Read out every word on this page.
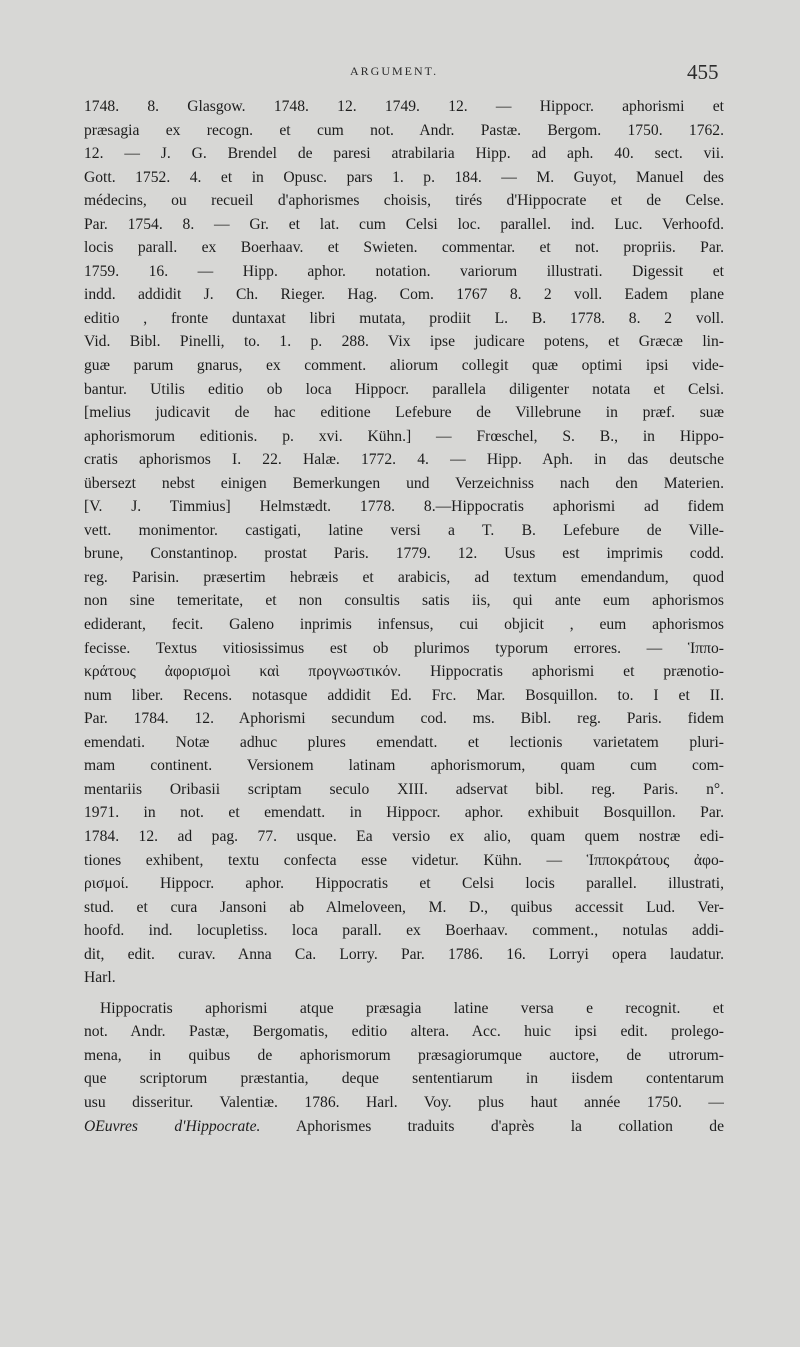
ARGUMENT.	455
1748. 8. Glasgow. 1748. 12. 1749. 12. — Hippocr. aphorismi et
præsagia ex recogn. et cum not. Andr. Pastæ. Bergom. 1750. 1762.
12. — J. G. Brendel de paresi atrabilaria Hipp. ad aph. 40. sect. vii.
Gott. 1752. 4. et in Opusc. pars 1. p. 184. — M. Guyot, Manuel des
médecins, ou recueil d'aphorismes choisis, tirés d'Hippocrate et de Celse.
Par. 1754. 8. — Gr. et lat. cum Celsi loc. parallel. ind. Luc. Verhoofd.
locis parall. ex Boerhaav. et Swieten. commentar. et not. propriis. Par.
1759. 16. — Hipp. aphor. notation. variorum illustrati. Digessit et
indd. addidit J. Ch. Rieger. Hag. Com. 1767 8. 2 voll. Eadem plane
editio , fronte duntaxat libri mutata, prodiit L. B. 1778. 8. 2 voll.
Vid. Bibl. Pinelli, to. 1. p. 288. Vix ipse judicare potens, et Græcæ lin-
guæ parum gnarus, ex comment. aliorum collegit quæ optimi ipsi vide-
bantur. Utilis editio ob loca Hippocr. parallela diligenter notata et Celsi.
[melius judicavit de hac editione Lefebure de Villebrune in præf. suæ
aphorismorum editionis. p. xvi. Kühn.] — Frœschel, S. B., in Hippo-
cratis aphorismos I. 22. Halæ. 1772. 4. — Hipp. Aph. in das deutsche
übersezt nebst einigen Bemerkungen und Verzeichniss nach den Materien.
[V. J. Timmius] Helmstædt. 1778. 8.—Hippocratis aphorismi ad fidem
vett. monimentor. castigati, latine versi a T. B. Lefebure de Ville-
brune, Constantinop. prostat Paris. 1779. 12. Usus est imprimis codd.
reg. Parisin. præsertim hebræis et arabicis, ad textum emendandum, quod
non sine temeritate, et non consultis satis iis, qui ante eum aphorismos
ediderant, fecit. Galeno inprimis infensus, cui objicit , eum aphorismos
fecisse. Textus vitiosissimus est ob plurimos typorum errores. — Ἱππο-
κράτους ἀφορισμοὶ καὶ προγνωστικόν. Hippocratis aphorismi et prænotio-
num liber. Recens. notasque addidit Ed. Frc. Mar. Bosquillon. to. I et II.
Par. 1784. 12. Aphorismi secundum cod. ms. Bibl. reg. Paris. fidem
emendati. Notæ adhuc plures emendatt. et lectionis varietatem pluri-
mam continent. Versionem latinam aphorismorum, quam cum com-
mentariis Oribasii scriptam seculo XIII. adservat bibl. reg. Paris. n°.
1971. in not. et emendatt. in Hippocr. aphor. exhibuit Bosquillon. Par.
1784. 12. ad pag. 77. usque. Ea versio ex alio, quam quem nostræ edi-
tiones exhibent, textu confecta esse videtur. Kühn. — Ἱπποκράτους ἀφο-
ρισμοί. Hippocr. aphor. Hippocratis et Celsi locis parallel. illustrati,
stud. et cura Jansoni ab Almeloveen, M. D., quibus accessit Lud. Ver-
hoofd. ind. locupletiss. loca parall. ex Boerhaav. comment., notulas addi-
dit, edit. curav. Anna Ca. Lorry. Par. 1786. 16. Lorryi opera laudatur.
Harl.
Hippocratis aphorismi atque præsagia latine versa e recognit. et
not. Andr. Pastæ, Bergomatis, editio altera. Acc. huic ipsi edit. prolego-
mena, in quibus de aphorismorum præsagiorumque auctore, de utrorum-
que scriptorum præstantia, deque sententiarum in iisdem contentarum
usu disseritur. Valentiæ. 1786. Harl. Voy. plus haut année 1750. —
OEuvres d'Hippocrate. Aphorismes traduits d'après la collation de
